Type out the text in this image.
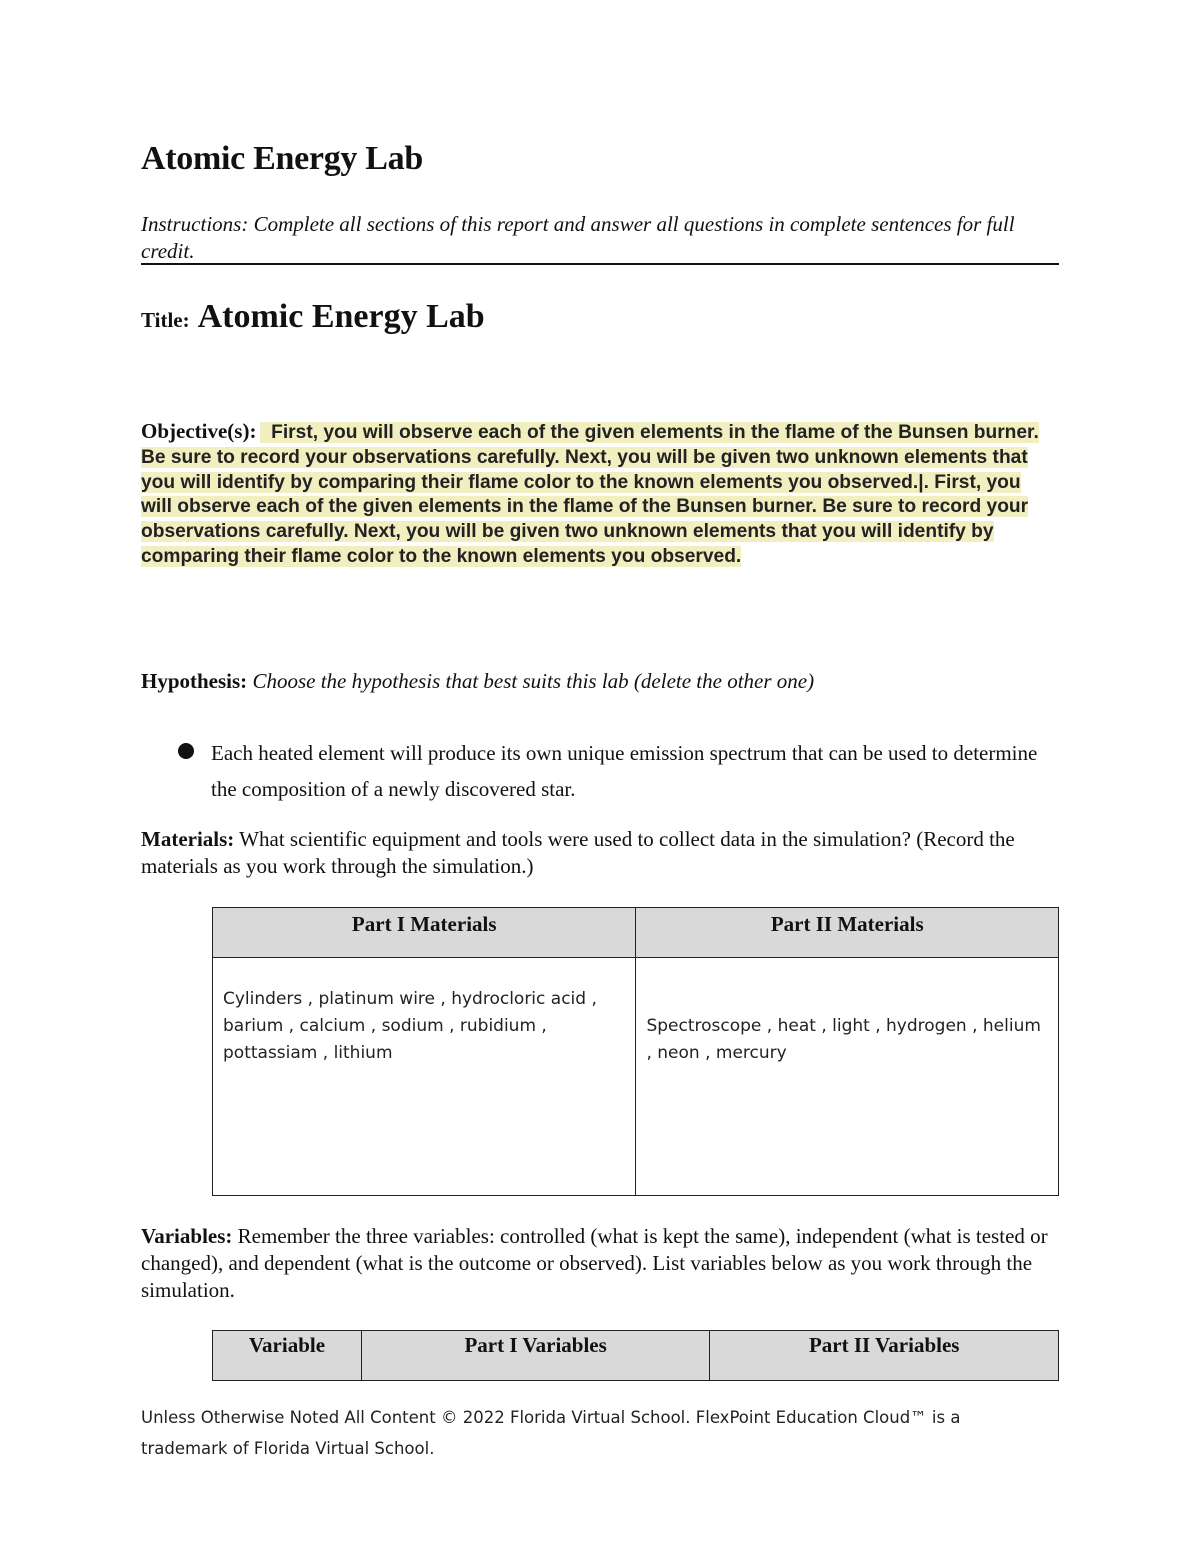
Atomic Energy Lab
Instructions: Complete all sections of this report and answer all questions in complete sentences for full credit.
Title: Atomic Energy Lab
Objective(s): First, you will observe each of the given elements in the flame of the Bunsen burner. Be sure to record your observations carefully. Next, you will be given two unknown elements that you will identify by comparing their flame color to the known elements you observed.|. First, you will observe each of the given elements in the flame of the Bunsen burner. Be sure to record your observations carefully. Next, you will be given two unknown elements that you will identify by comparing their flame color to the known elements you observed.
Hypothesis: Choose the hypothesis that best suits this lab (delete the other one)
Each heated element will produce its own unique emission spectrum that can be used to determine the composition of a newly discovered star.
Materials: What scientific equipment and tools were used to collect data in the simulation? (Record the materials as you work through the simulation.)
Part I Materials	Part II Materials

Cylinders , platinum wire , hydrocloric acid , barium , calcium , sodium , rubidium , pottassiam , lithium	Spectroscope , heat , light , hydrogen , helium , neon , mercury
Variables: Remember the three variables: controlled (what is kept the same), independent (what is tested or changed), and dependent (what is the outcome or observed). List variables below as you work through the simulation.
Variable	Part I Variables	Part II Variables
Unless Otherwise Noted All Content © 2022 Florida Virtual School. FlexPoint Education Cloud™ is a trademark of Florida Virtual School.
